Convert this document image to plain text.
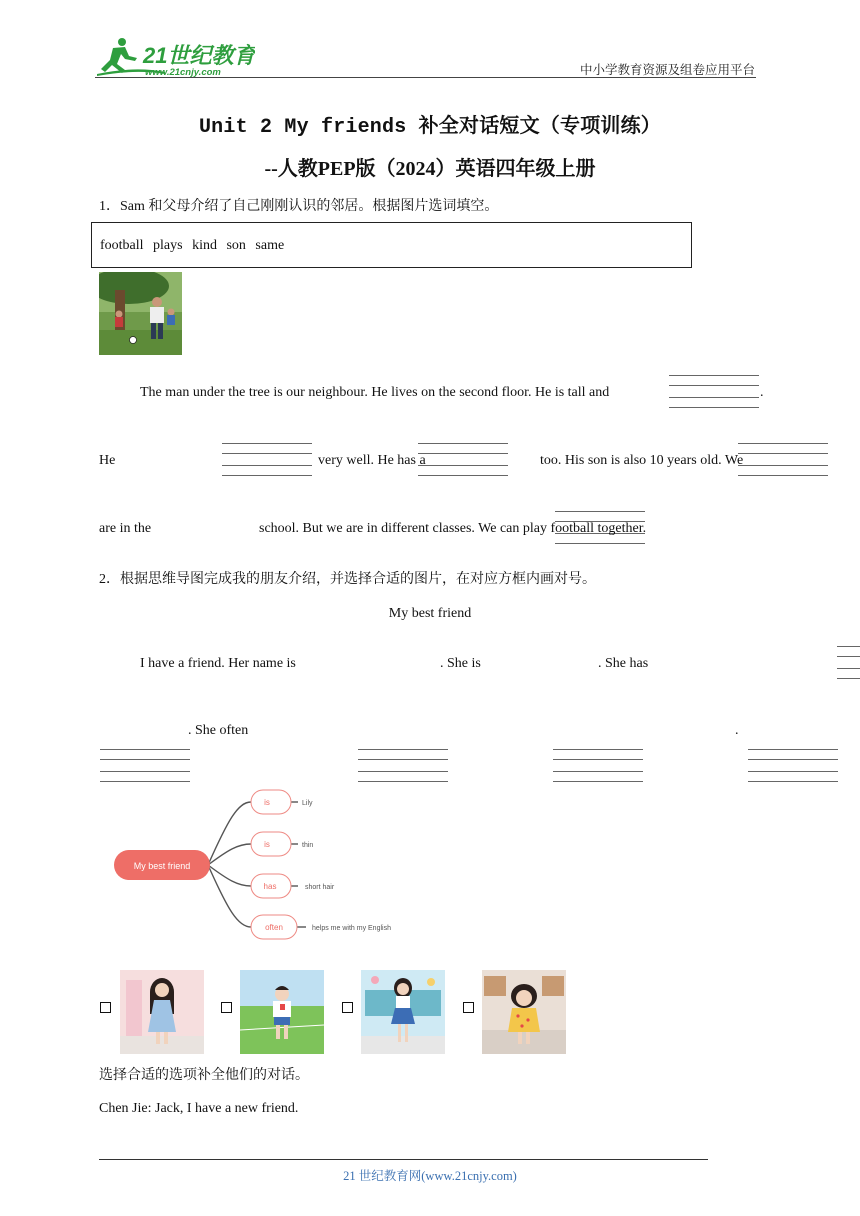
21世纪教育
www.21cnjy.com	中小学教育资源及组卷应用平台
Unit 2 My friends 补全对话短文（专项训练）
--人教PEP版（2024）英语四年级上册
1．Sam 和父母介绍了自己刚刚认识的邻居。根据图片选词填空。
football plays kind son same
The man under the tree is our neighbour. He lives on the second floor. He is tall and
	.
He

	very well. He has a
	too. His son is also 10 years old. We
are in the
	school. But we are in different classes. We can play football together.
2．根据思维导图完成我的朋友介绍，并选择合适的图片，在对应方框内画对号。
My best friend
I have a friend. Her name is
	. She is
	. She has

. She often

	.
My best friend
is
is
has
often
Lily
thin
short hair
helps me with my English
选择合适的选项补全他们的对话。
Chen Jie: Jack, I have a new friend.
21 世纪教育网(www.21cnjy.com)
